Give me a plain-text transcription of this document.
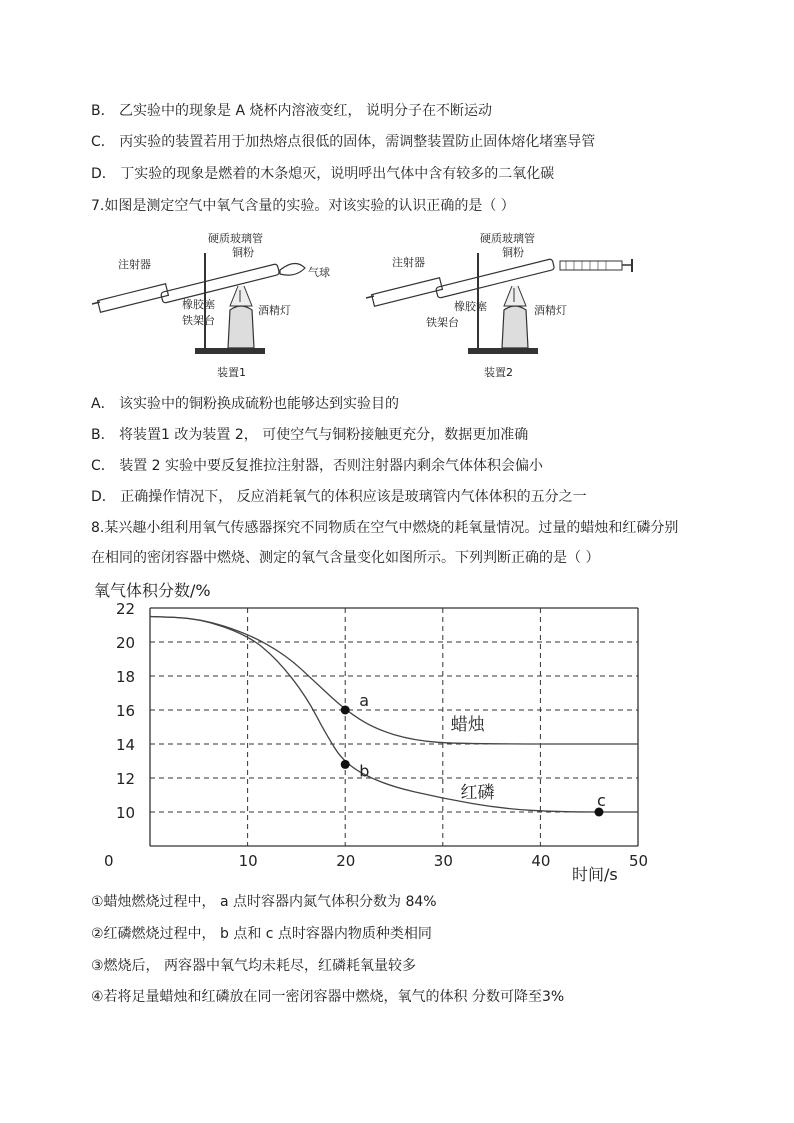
B． 乙实验中的现象是 A 烧杯内溶液变红， 说明分子在不断运动
C． 丙实验的装置若用于加热熔点很低的固体，需调整装置防止固体熔化堵塞导管
D． 丁实验的现象是燃着的木条熄灭，说明呼出气体中含有较多的二氧化碳
7.如图是测定空气中氧气含量的实验。对该实验的认识正确的是（ ）
硬质玻璃管
铜粉
注射器
气球
橡胶塞
铁架台
酒精灯
装置1
硬质玻璃管
铜粉
注射器
橡胶塞
铁架台
酒精灯
装置2
A． 该实验中的铜粉换成硫粉也能够达到实验目的
B． 将装置1 改为装置 2， 可使空气与铜粉接触更充分，数据更加准确
C． 装置 2 实验中要反复推拉注射器，否则注射器内剩余气体体积会偏小
D． 正确操作情况下， 反应消耗氧气的体积应该是玻璃管内气体体积的五分之一
8.某兴趣小组利用氧气传感器探究不同物质在空气中燃烧的耗氧量情况。过量的蜡烛和红磷分别
在相同的密闭容器中燃烧、测定的氧气含量变化如图所示。下列判断正确的是（ ）
氧气体积分数/%
时间/s
10
12
14
16
18
20
22
0	10	20	30	40	50
蜡烛
红磷
a
b
c
①蜡烛燃烧过程中， a 点时容器内氮气体积分数为 84%
②红磷燃烧过程中， b 点和 c 点时容器内物质种类相同
③燃烧后， 两容器中氧气均未耗尽，红磷耗氧量较多
④若将足量蜡烛和红磷放在同一密闭容器中燃烧，氧气的体积 分数可降至3%
